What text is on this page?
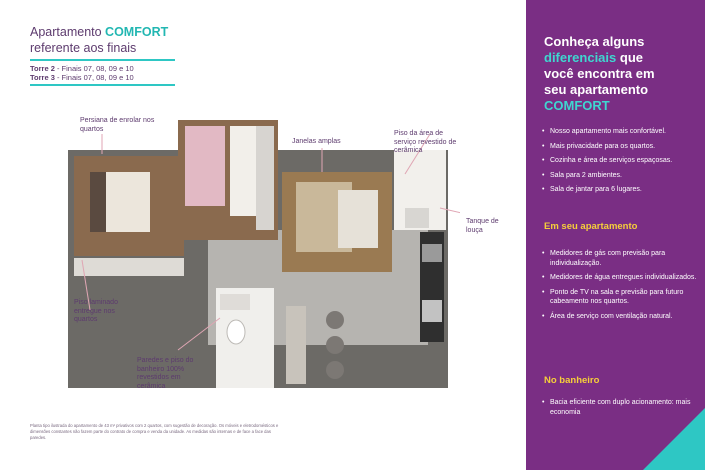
Apartamento COMFORT
referente aos finais
Torre 2 - Finais 07, 08, 09 e 10
Torre 3 - Finais 07, 08, 09 e 10
Persiana de enrolar nos quartos
Janelas amplas
Piso da área de serviço revestido de cerâmica
Tanque de louça
Piso laminado entregue nos quartos
Paredes e piso do banheiro 100% revestidos em cerâmica
Planta tipo ilustrada do apartamento de 43 m² privativos com 2 quartos, com sugestão de decoração. Os móveis e eletrodomésticos e dimensões constantes não fazem parte do contrato de compra e venda da unidade. As medidas são internas e de face a face das paredes.
Conheça alguns
diferenciais que
você encontra em
seu apartamento
COMFORT
• Nosso apartamento mais confortável.
• Mais privacidade para os quartos.
• Cozinha e área de serviços espaçosas.
• Sala para 2 ambientes.
• Sala de jantar para 6 lugares.
Em seu apartamento
• Medidores de gás com previsão para individualização.
• Medidores de água entregues individualizados.
• Ponto de TV na sala e previsão para futuro cabeamento nos quartos.
• Área de serviço com ventilação natural.
No banheiro
• Bacia eficiente com duplo acionamento: mais economia
